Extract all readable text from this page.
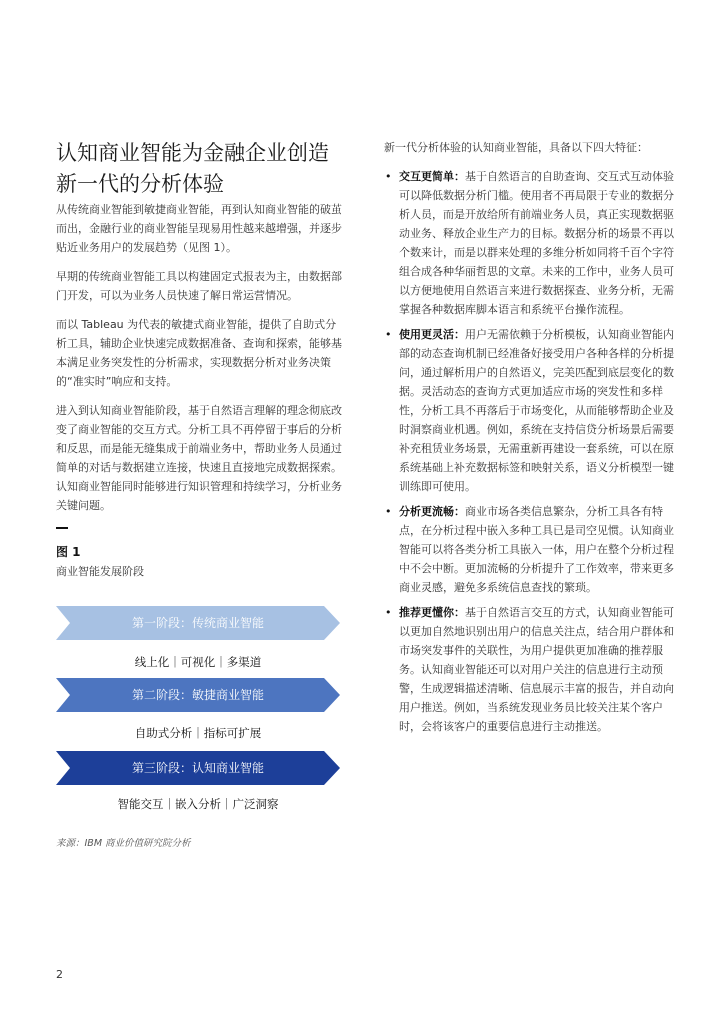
认知商业智能为金融企业创造新一代的分析体验

从传统商业智能到敏捷商业智能，再到认知商业智能的破茧而出，金融行业的商业智能呈现易用性越来越增强，并逐步贴近业务用户的发展趋势（见图 1）。

早期的传统商业智能工具以构建固定式报表为主，由数据部门开发，可以为业务人员快速了解日常运营情况。

而以 Tableau 为代表的敏捷式商业智能，提供了自助式分析工具，辅助企业快速完成数据准备、查询和探索，能够基本满足业务突发性的分析需求，实现数据分析对业务决策的“准实时”响应和支持。

进入到认知商业智能阶段，基于自然语言理解的理念彻底改变了商业智能的交互方式。分析工具不再停留于事后的分析和反思，而是能无缝集成于前端业务中，帮助业务人员通过简单的对话与数据建立连接，快速且直接地完成数据探索。认知商业智能同时能够进行知识管理和持续学习，分析业务关键问题。

图 1
商业智能发展阶段
第一阶段：传统商业智能
线上化｜可视化｜多渠道
第二阶段：敏捷商业智能
自助式分析｜指标可扩展
第三阶段：认知商业智能
智能交互｜嵌入分析｜广泛洞察
来源：IBM 商业价值研究院分析

新一代分析体验的认知商业智能，具备以下四大特征：

• 交互更简单：基于自然语言的自助查询、交互式互动体验可以降低数据分析门槛。使用者不再局限于专业的数据分析人员，而是开放给所有前端业务人员，真正实现数据驱动业务、释放企业生产力的目标。数据分析的场景不再以个数来计，而是以群来处理的多维分析如同将千百个字符组合成各种华丽哲思的文章。未来的工作中，业务人员可以方便地使用自然语言来进行数据探查、业务分析，无需掌握各种数据库脚本语言和系统平台操作流程。
• 使用更灵活：用户无需依赖于分析模板，认知商业智能内部的动态查询机制已经准备好接受用户各种各样的分析提问，通过解析用户的自然语义，完美匹配到底层变化的数据。灵活动态的查询方式更加适应市场的突发性和多样性，分析工具不再落后于市场变化，从而能够帮助企业及时洞察商业机遇。例如，系统在支持信贷分析场景后需要补充租赁业务场景，无需重新再建设一套系统，可以在原系统基础上补充数据标签和映射关系，语义分析模型一键训练即可使用。
• 分析更流畅：商业市场各类信息繁杂，分析工具各有特点，在分析过程中嵌入多种工具已是司空见惯。认知商业智能可以将各类分析工具嵌入一体，用户在整个分析过程中不会中断。更加流畅的分析提升了工作效率，带来更多商业灵感，避免多系统信息查找的繁琐。
• 推荐更懂你：基于自然语言交互的方式，认知商业智能可以更加自然地识别出用户的信息关注点，结合用户群体和市场突发事件的关联性，为用户提供更加准确的推荐服务。认知商业智能还可以对用户关注的信息进行主动预警，生成逻辑描述清晰、信息展示丰富的报告，并自动向用户推送。例如，当系统发现业务员比较关注某个客户时，会将该客户的重要信息进行主动推送。
2
